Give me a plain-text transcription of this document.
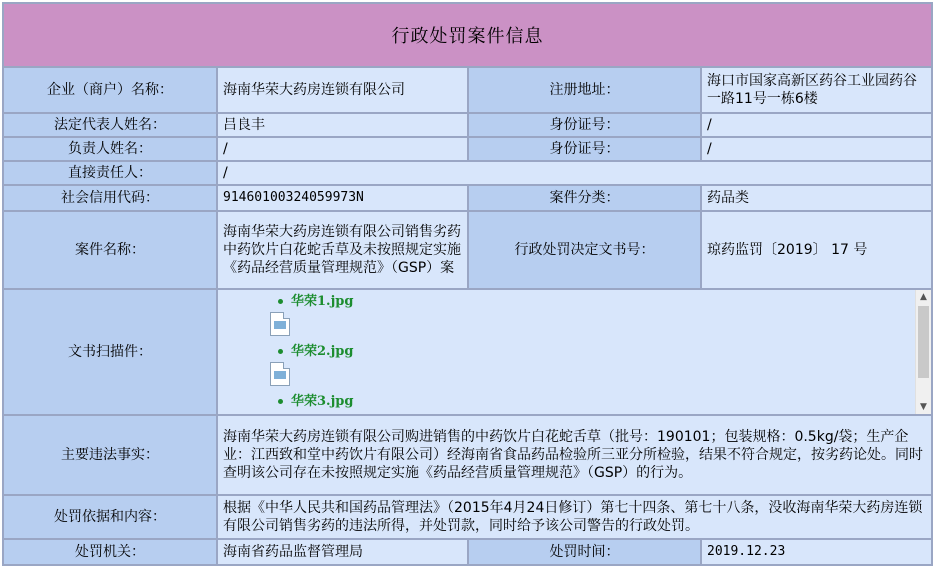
行政处罚案件信息
企业（商户）名称：	海南华荣大药房连锁有限公司	注册地址：
海口市国家高新区药谷工业园药谷一路11号一栋6楼
法定代表人姓名：	吕良丰	身份证号：	/
负责人姓名：	/	身份证号：	/
直接责任人：	/
社会信用代码：	91460100324059973N	案件分类：	药品类
案件名称：
海南华荣大药房连锁有限公司销售劣药中药饮片白花蛇舌草及未按照规定实施《药品经营质量管理规范》（GSP）案
行政处罚决定文书号：	琼药监罚〔2019〕 17 号
文书扫描件：
华荣1.jpg
华荣2.jpg
华荣3.jpg
▲
▼
主要违法事实：
海南华荣大药房连锁有限公司购进销售的中药饮片白花蛇舌草（批号：190101；包装规格：0.5kg/袋；生产企业：江西致和堂中药饮片有限公司）经海南省食品药品检验所三亚分所检验，结果不符合规定，按劣药论处。同时查明该公司存在未按照规定实施《药品经营质量管理规范》（GSP）的行为。
处罚依据和内容：
根据《中华人民共和国药品管理法》（2015年4月24日修订）第七十四条、第七十八条，没收海南华荣大药房连锁有限公司销售劣药的违法所得，并处罚款，同时给予该公司警告的行政处罚。
处罚机关：	海南省药品监督管理局	处罚时间：	2019.12.23
